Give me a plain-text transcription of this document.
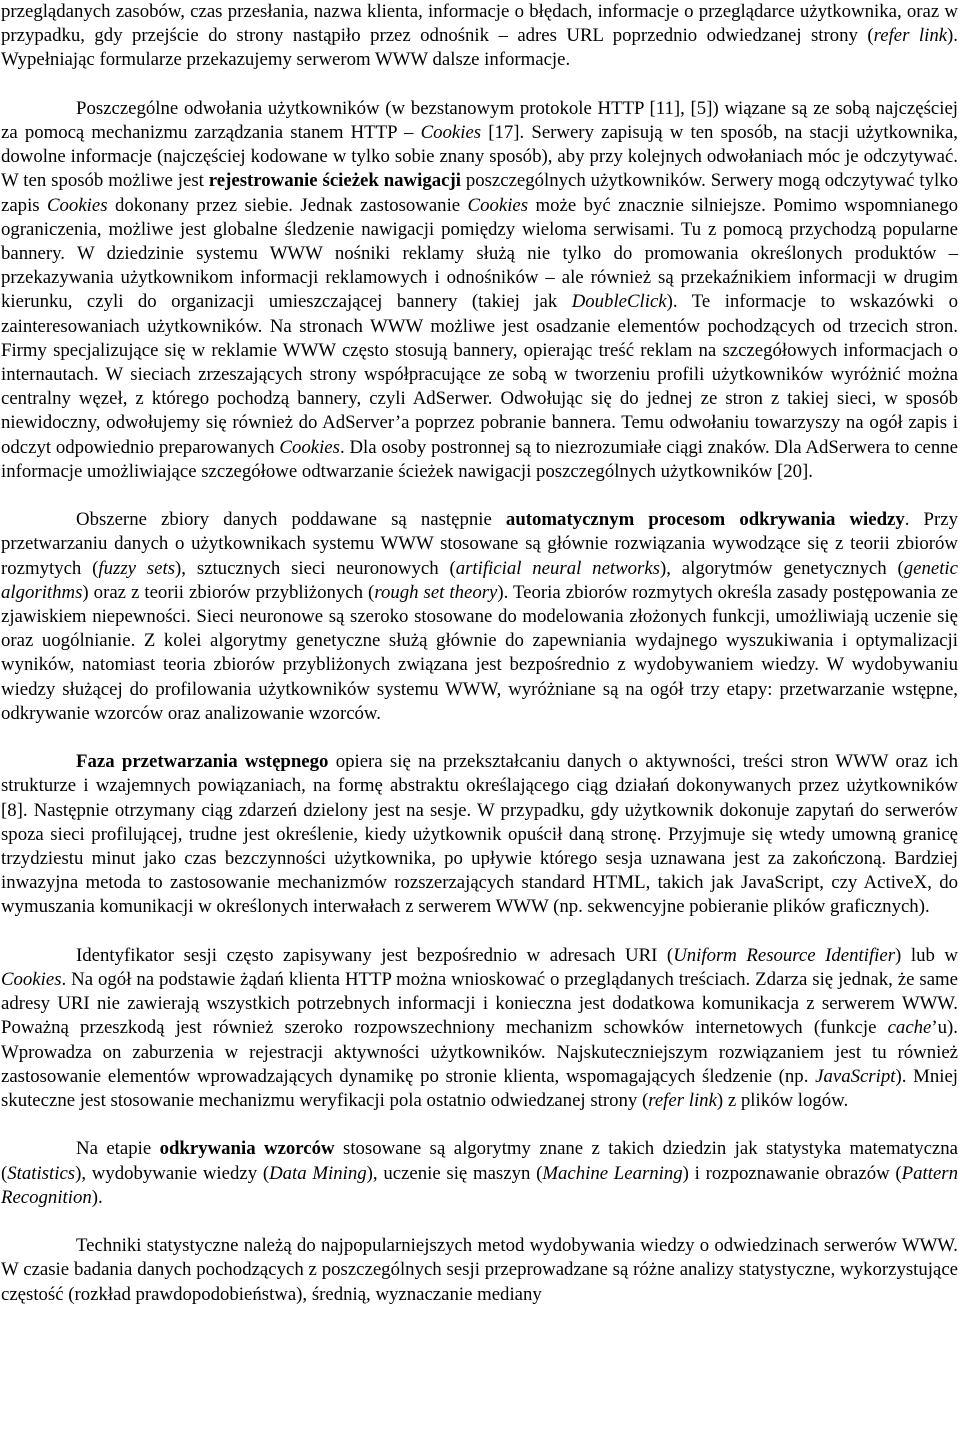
przeglądanych zasobów, czas przesłania, nazwa klienta, informacje o błędach, informacje o przeglądarce użytkownika, oraz w przypadku, gdy przejście do strony nastąpiło przez odnośnik – adres URL poprzednio odwiedzanej strony (refer link). Wypełniając formularze przekazujemy serwerom WWW dalsze informacje.

Poszczególne odwołania użytkowników (w bezstanowym protokole HTTP [11], [5]) wiązane są ze sobą najczęściej za pomocą mechanizmu zarządzania stanem HTTP – Cookies [17]. Serwery zapisują w ten sposób, na stacji użytkownika, dowolne informacje (najczęściej kodowane w tylko sobie znany sposób), aby przy kolejnych odwołaniach móc je odczytywać. W ten sposób możliwe jest rejestrowanie ścieżek nawigacji poszczególnych użytkowników. Serwery mogą odczytywać tylko zapis Cookies dokonany przez siebie. Jednak zastosowanie Cookies może być znacznie silniejsze. Pomimo wspomnianego ograniczenia, możliwe jest globalne śledzenie nawigacji pomiędzy wieloma serwisami. Tu z pomocą przychodzą popularne bannery. W dziedzinie systemu WWW nośniki reklamy służą nie tylko do promowania określonych produktów – przekazywania użytkownikom informacji reklamowych i odnośników – ale również są przekaźnikiem informacji w drugim kierunku, czyli do organizacji umieszczającej bannery (takiej jak DoubleClick). Te informacje to wskazówki o zainteresowaniach użytkowników. Na stronach WWW możliwe jest osadzanie elementów pochodzących od trzecich stron. Firmy specjalizujące się w reklamie WWW często stosują bannery, opierając treść reklam na szczegółowych informacjach o internautach. W sieciach zrzeszających strony współpracujące ze sobą w tworzeniu profili użytkowników wyróżnić można centralny węzeł, z którego pochodzą bannery, czyli AdSerwer. Odwołując się do jednej ze stron z takiej sieci, w sposób niewidoczny, odwołujemy się również do AdServer’a poprzez pobranie bannera. Temu odwołaniu towarzyszy na ogół zapis i odczyt odpowiednio preparowanych Cookies. Dla osoby postronnej są to niezrozumiałe ciągi znaków. Dla AdSerwera to cenne informacje umożliwiające szczegółowe odtwarzanie ścieżek nawigacji poszczególnych użytkowników [20].

Obszerne zbiory danych poddawane są następnie automatycznym procesom odkrywania wiedzy. Przy przetwarzaniu danych o użytkownikach systemu WWW stosowane są głównie rozwiązania wywodzące się z teorii zbiorów rozmytych (fuzzy sets), sztucznych sieci neuronowych (artificial neural networks), algorytmów genetycznych (genetic algorithms) oraz z teorii zbiorów przybliżonych (rough set theory). Teoria zbiorów rozmytych określa zasady postępowania ze zjawiskiem niepewności. Sieci neuronowe są szeroko stosowane do modelowania złożonych funkcji, umożliwiają uczenie się oraz uogólnianie. Z kolei algorytmy genetyczne służą głównie do zapewniania wydajnego wyszukiwania i optymalizacji wyników, natomiast teoria zbiorów przybliżonych związana jest bezpośrednio z wydobywaniem wiedzy. W wydobywaniu wiedzy służącej do profilowania użytkowników systemu WWW, wyróżniane są na ogół trzy etapy: przetwarzanie wstępne, odkrywanie wzorców oraz analizowanie wzorców.

Faza przetwarzania wstępnego opiera się na przekształcaniu danych o aktywności, treści stron WWW oraz ich strukturze i wzajemnych powiązaniach, na formę abstraktu określającego ciąg działań dokonywanych przez użytkowników [8]. Następnie otrzymany ciąg zdarzeń dzielony jest na sesje. W przypadku, gdy użytkownik dokonuje zapytań do serwerów spoza sieci profilującej, trudne jest określenie, kiedy użytkownik opuścił daną stronę. Przyjmuje się wtedy umowną granicę trzydziestu minut jako czas bezczynności użytkownika, po upływie którego sesja uznawana jest za zakończoną. Bardziej inwazyjna metoda to zastosowanie mechanizmów rozszerzających standard HTML, takich jak JavaScript, czy ActiveX, do wymuszania komunikacji w określonych interwałach z serwerem WWW (np. sekwencyjne pobieranie plików graficznych).

Identyfikator sesji często zapisywany jest bezpośrednio w adresach URI (Uniform Resource Identifier) lub w Cookies. Na ogół na podstawie żądań klienta HTTP można wnioskować o przeglądanych treściach. Zdarza się jednak, że same adresy URI nie zawierają wszystkich potrzebnych informacji i konieczna jest dodatkowa komunikacja z serwerem WWW. Poważną przeszkodą jest również szeroko rozpowszechniony mechanizm schowków internetowych (funkcje cache’u). Wprowadza on zaburzenia w rejestracji aktywności użytkowników. Najskuteczniejszym rozwiązaniem jest tu również zastosowanie elementów wprowadzających dynamikę po stronie klienta, wspomagających śledzenie (np. JavaScript). Mniej skuteczne jest stosowanie mechanizmu weryfikacji pola ostatnio odwiedzanej strony (refer link) z plików logów.

Na etapie odkrywania wzorców stosowane są algorytmy znane z takich dziedzin jak statystyka matematyczna (Statistics), wydobywanie wiedzy (Data Mining), uczenie się maszyn (Machine Learning) i rozpoznawanie obrazów (Pattern Recognition).

Techniki statystyczne należą do najpopularniejszych metod wydobywania wiedzy o odwiedzinach serwerów WWW. W czasie badania danych pochodzących z poszczególnych sesji przeprowadzane są różne analizy statystyczne, wykorzystujące częstość (rozkład prawdopodobieństwa), średnią, wyznaczanie mediany
